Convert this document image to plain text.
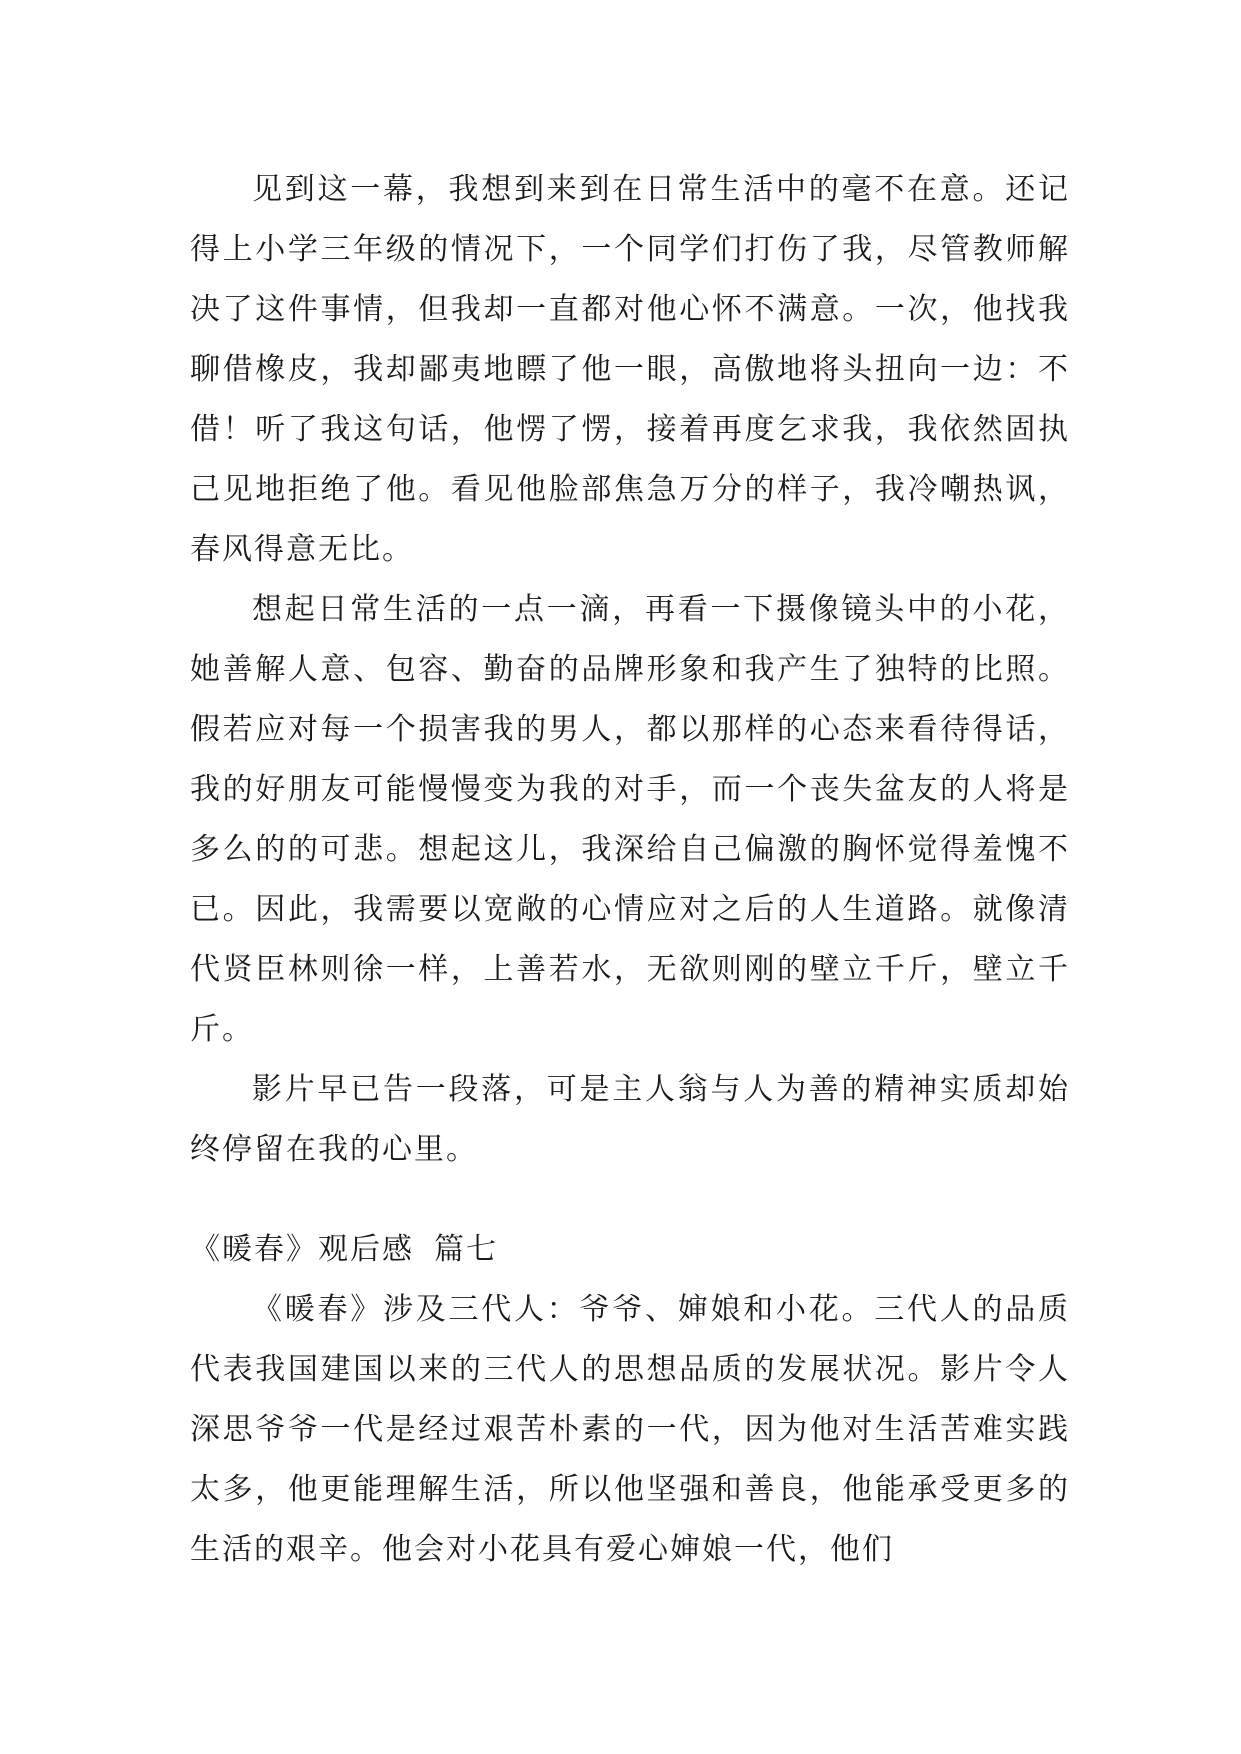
见到这一幕，我想到来到在日常生活中的毫不在意。还记得上小学三年级的情况下，一个同学们打伤了我，尽管教师解决了这件事情，但我却一直都对他心怀不满意。一次，他找我聊借橡皮，我却鄙夷地瞟了他一眼，高傲地将头扭向一边：不借！听了我这句话，他愣了愣，接着再度乞求我，我依然固执己见地拒绝了他。看见他脸部焦急万分的样子，我冷嘲热讽，春风得意无比。

想起日常生活的一点一滴，再看一下摄像镜头中的小花，她善解人意、包容、勤奋的品牌形象和我产生了独特的比照。假若应对每一个损害我的男人，都以那样的心态来看待得话，我的好朋友可能慢慢变为我的对手，而一个丧失盆友的人将是多么的的可悲。想起这儿，我深给自己偏激的胸怀觉得羞愧不已。因此，我需要以宽敞的心情应对之后的人生道路。就像清代贤臣林则徐一样，上善若水，无欲则刚的壁立千斤，壁立千斤。

影片早已告一段落，可是主人翁与人为善的精神实质却始终停留在我的心里。

《暖春》观后感 篇七

《暖春》涉及三代人：爷爷、婶娘和小花。三代人的品质代表我国建国以来的三代人的思想品质的发展状况。影片令人深思爷爷一代是经过艰苦朴素的一代，因为他对生活苦难实践太多，他更能理解生活，所以他坚强和善良，他能承受更多的生活的艰辛。他会对小花具有爱心婶娘一代，他们
